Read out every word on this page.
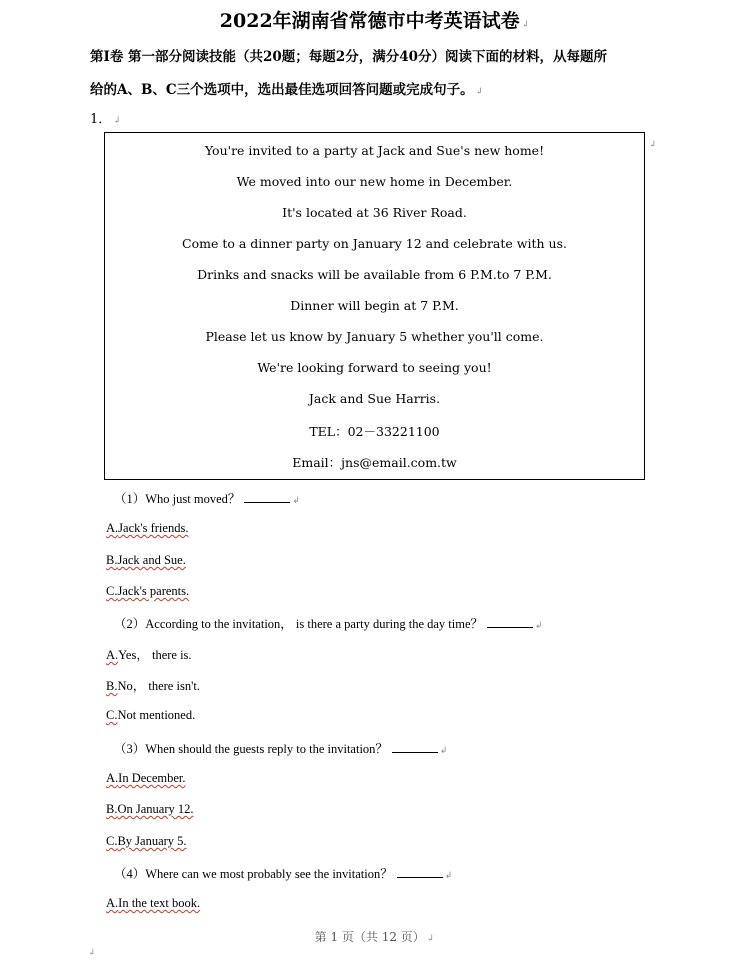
2022年湖南省常德市中考英语试卷 ↲
第Ⅰ卷 第一部分阅读技能（共20题；每题2分，满分40分）阅读下面的材料，从每题所
给的A、B、C三个选项中，选出最佳选项回答问题或完成句子。 ↲
1． ↲
You're invited to a party at Jack and Sue's new home!
We moved into our new home in December.
It's located at 36 River Road.
Come to a dinner party on January 12 and celebrate with us.
Drinks and snacks will be available from 6 P.M.to 7 P.M.
Dinner will begin at 7 P.M.
Please let us know by January 5 whether you'll come.
We're looking forward to seeing you!
Jack and Sue Harris.
TEL：02－33221100
Email：jns@email.com.tw
↲
（1）Who just moved？	↲
A.Jack's friends.
B.Jack and Sue.
C.Jack's parents.
（2）According to the invitation， is there a party during the day time？	↲
A.Yes， there is.
B.No， there isn't.
C.Not mentioned.
（3）When should the guests reply to the invitation？	↲
A.In December.
B.On January 12.
C.By January 5.
（4）Where can we most probably see the invitation？	↲
A.In the text book.
第 1 页（共 12 页） ↲
↲
